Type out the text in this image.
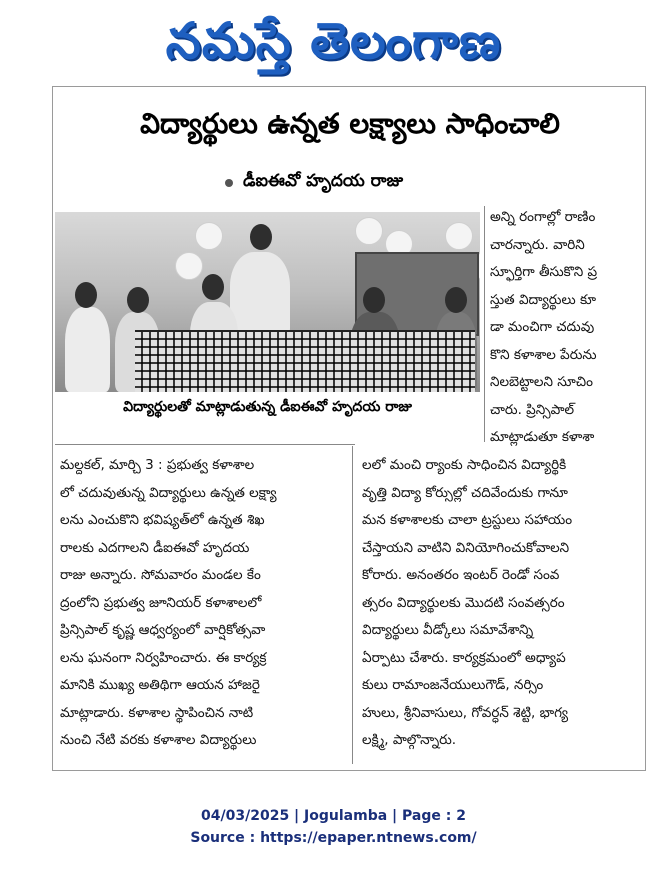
నమస్తే తెలంగాణ
విద్యార్థులు ఉన్నత లక్ష్యాలు సాధించాలి
డీఐఈవో హృదయ రాజు
విద్యార్థులతో మాట్లాడుతున్న డీఐఈవో హృదయ రాజు
అన్ని రంగాల్లో రాణిం
చారన్నారు. వారిని
స్ఫూర్తిగా తీసుకొని ప్ర
స్తుత విద్యార్థులు కూ
డా మంచిగా చదువు
కొని కళాశాల పేరును
నిలబెట్టాలని సూచిం
చారు. ప్రిన్సిపాల్
మాట్లాడుతూ కళాశా
మల్దకల్, మార్చి 3 : ప్రభుత్వ కళాశాల
లో చదువుతున్న విద్యార్థులు ఉన్నత లక్ష్యా
లను ఎంచుకొని భవిష్యత్‌లో ఉన్నత శిఖ
రాలకు ఎదగాలని డీఐఈవో హృదయ
రాజు అన్నారు. సోమవారం మండల కేం
ద్రంలోని ప్రభుత్వ జూనియర్ కళాశాలలో
ప్రిన్సిపాల్ కృష్ణ ఆధ్వర్యంలో వార్షికోత్సవా
లను ఘనంగా నిర్వహించారు. ఈ కార్యక్ర
మానికి ముఖ్య అతిథిగా ఆయన హాజరై
మాట్లాడారు. కళాశాల స్థాపించిన నాటి
నుంచి నేటి వరకు కళాశాల విద్యార్థులు
లలో మంచి ర్యాంకు సాధించిన విద్యార్థికి
వృత్తి విద్యా కోర్సుల్లో చదివేందుకు గానూ
మన కళాశాలకు చాలా ట్రస్టులు సహాయం
చేస్తాయని వాటిని వినియోగించుకోవాలని
కోరారు. అనంతరం ఇంటర్ రెండో సంవ
త్సరం విద్యార్థులకు మొదటి సంవత్సరం
విద్యార్థులు వీడ్కోలు సమావేశాన్ని
ఏర్పాటు చేశారు. కార్యక్రమంలో అధ్యాప
కులు రామాంజనేయులుగౌడ్, నర్సిం
హులు, శ్రీనివాసులు, గోవర్ధన్ శెట్టి, భాగ్య
లక్ష్మి, పాల్గొన్నారు.
04/03/2025 | Jogulamba | Page : 2
Source : https://epaper.ntnews.com/
